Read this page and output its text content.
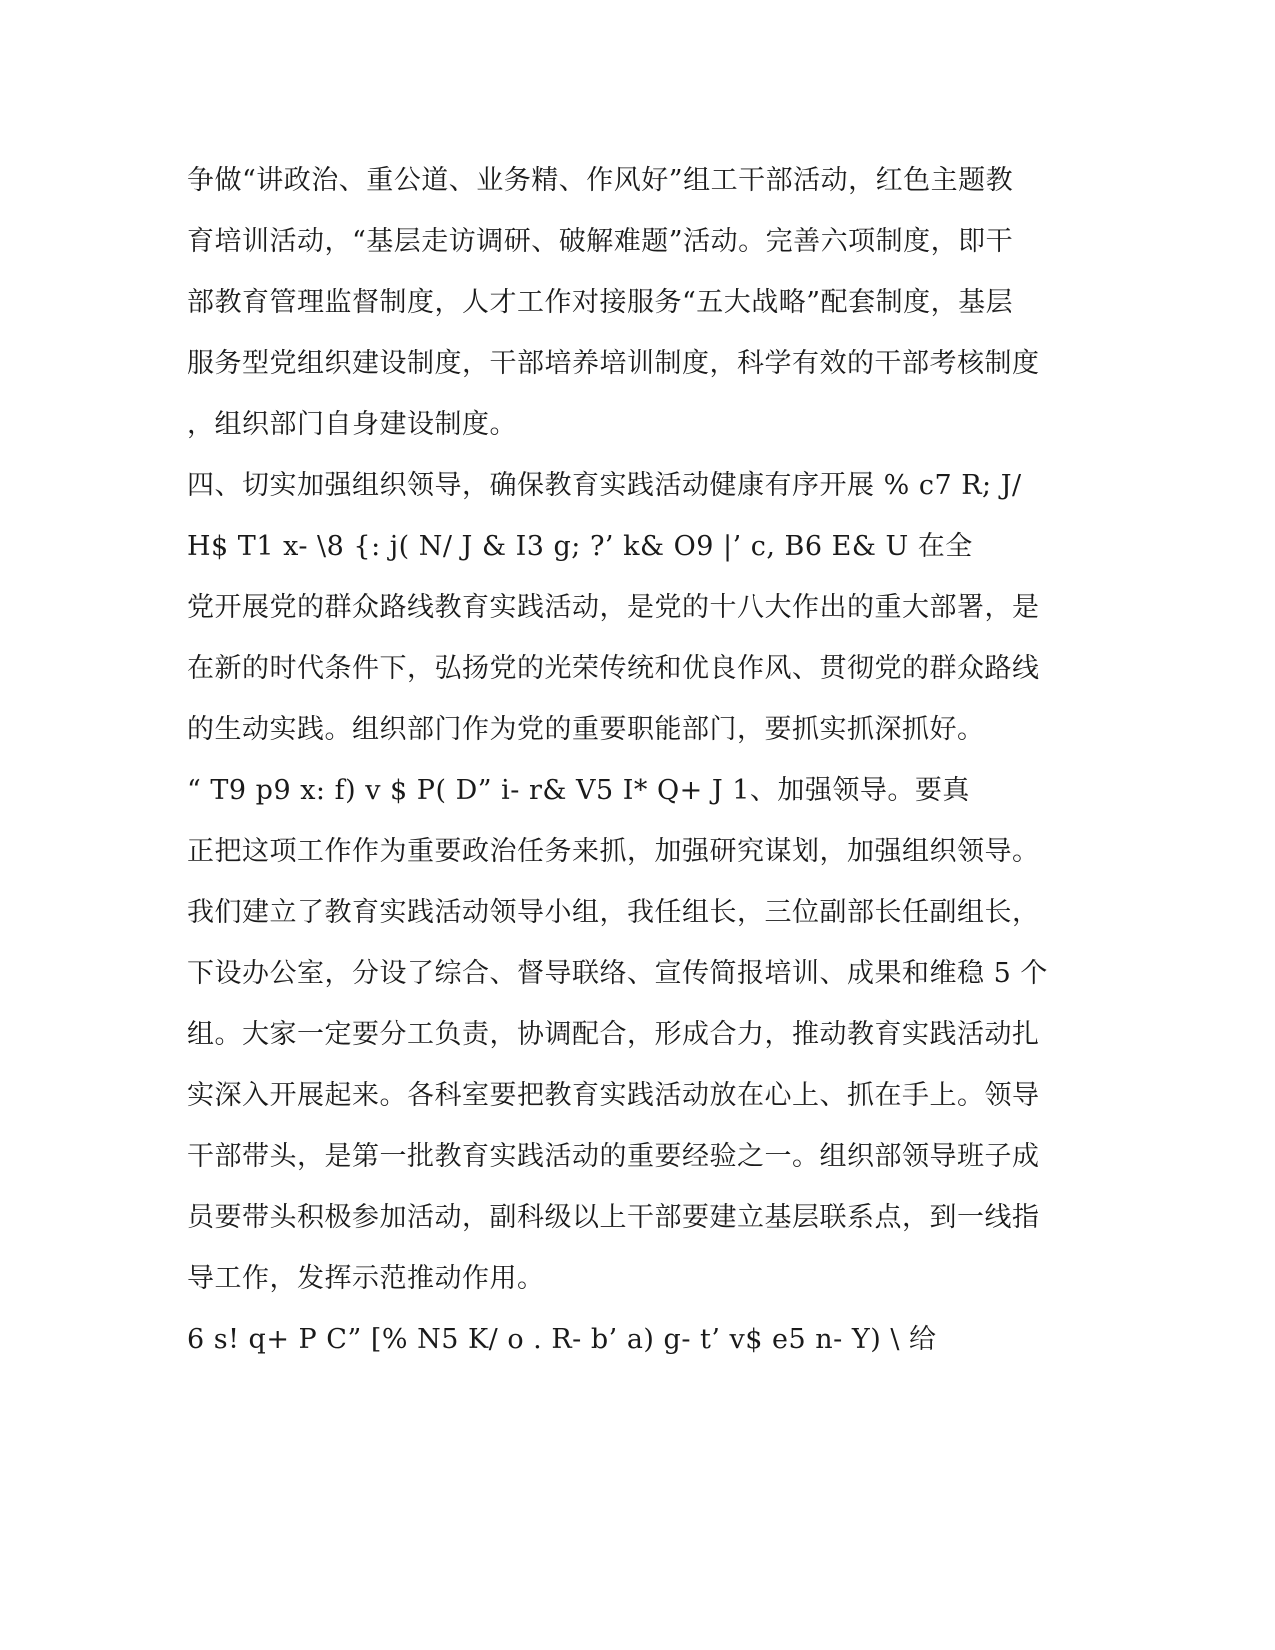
争做“讲政治、重公道、业务精、作风好”组工干部活动，红色主题教
育培训活动，“基层走访调研、破解难题”活动。完善六项制度，即干
部教育管理监督制度，人才工作对接服务“五大战略”配套制度，基层
服务型党组织建设制度，干部培养培训制度，科学有效的干部考核制度
，组织部门自身建设制度。
四、切实加强组织领导，确保教育实践活动健康有序开展 % c7 R; J/
H$ T1 x- \8 {: j( N/ J & I3 g; ?’ k& O9 |’ c, B6 E& U 在全
党开展党的群众路线教育实践活动，是党的十八大作出的重大部署，是
在新的时代条件下，弘扬党的光荣传统和优良作风、贯彻党的群众路线
的生动实践。组织部门作为党的重要职能部门，要抓实抓深抓好。
“ T9 p9 x: f) v $ P( D” i- r& V5 I* Q+ J 1、加强领导。要真
正把这项工作作为重要政治任务来抓，加强研究谋划，加强组织领导。
我们建立了教育实践活动领导小组，我任组长，三位副部长任副组长，
下设办公室，分设了综合、督导联络、宣传简报培训、成果和维稳 5 个
组。大家一定要分工负责，协调配合，形成合力，推动教育实践活动扎
实深入开展起来。各科室要把教育实践活动放在心上、抓在手上。领导
干部带头，是第一批教育实践活动的重要经验之一。组织部领导班子成
员要带头积极参加活动，副科级以上干部要建立基层联系点，到一线指
导工作，发挥示范推动作用。
6 s! q+ P C” [% N5 K/ o . R- b’ a) g- t’ v$ e5 n- Y) \ 给
